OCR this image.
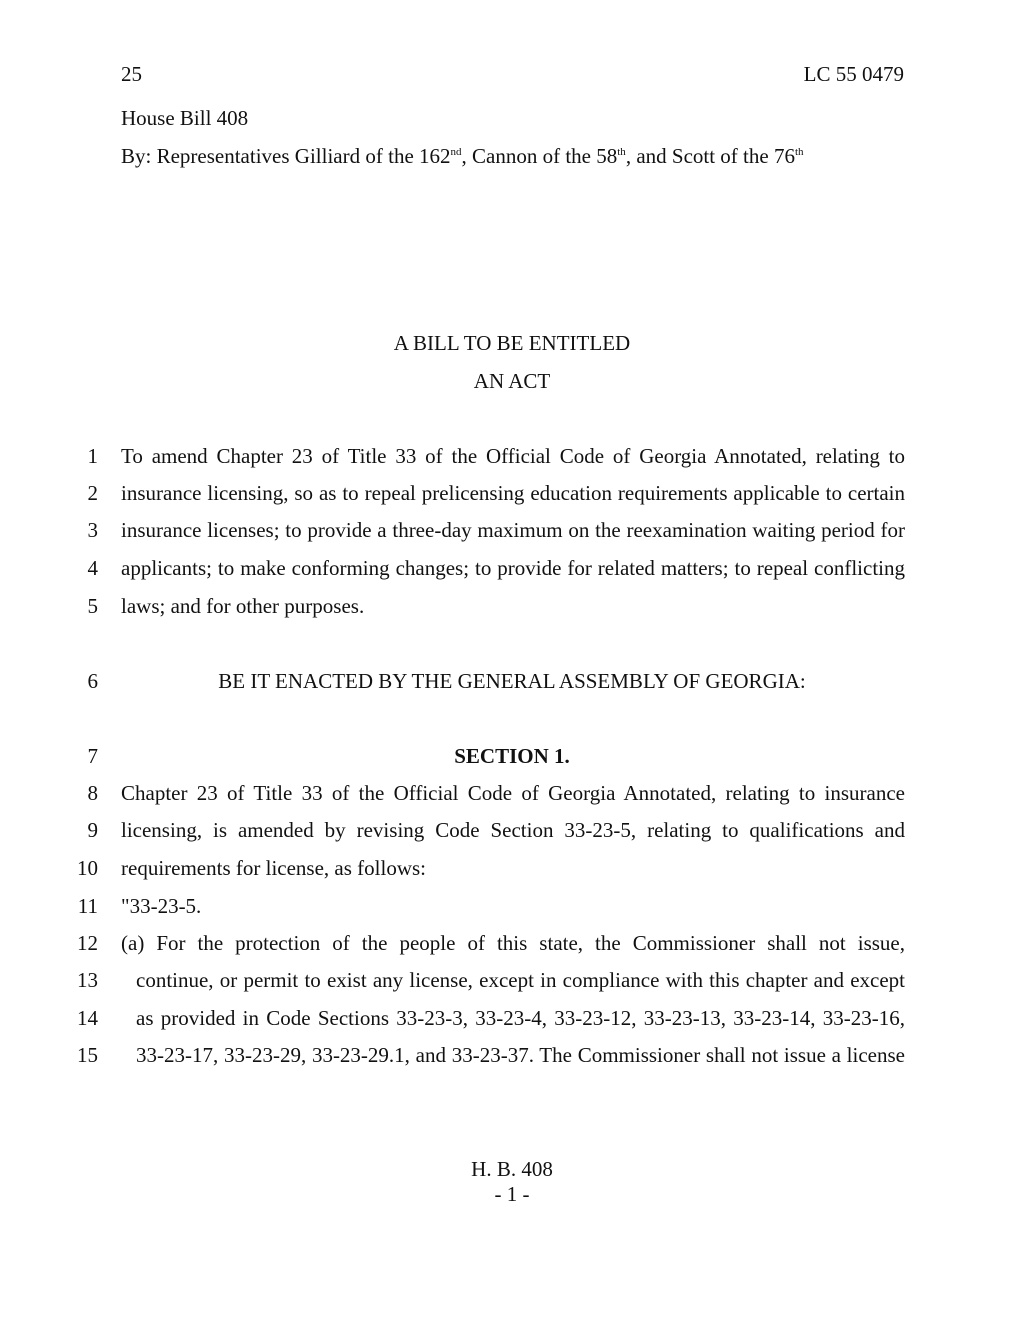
25	LC 55 0479
House Bill 408
By: Representatives Gilliard of the 162nd, Cannon of the 58th, and Scott of the 76th
A BILL TO BE ENTITLED
AN ACT
1 To amend Chapter 23 of Title 33 of the Official Code of Georgia Annotated, relating to
2 insurance licensing, so as to repeal prelicensing education requirements applicable to certain
3 insurance licenses; to provide a three-day maximum on the reexamination waiting period for
4 applicants; to make conforming changes; to provide for related matters; to repeal conflicting
5 laws; and for other purposes.
6	BE IT ENACTED BY THE GENERAL ASSEMBLY OF GEORGIA:
7	SECTION 1.
8 Chapter 23 of Title 33 of the Official Code of Georgia Annotated, relating to insurance
9 licensing, is amended by revising Code Section 33-23-5, relating to qualifications and
10 requirements for license, as follows:
11 "33-23-5.
12 (a) For the protection of the people of this state, the Commissioner shall not issue,
13 continue, or permit to exist any license, except in compliance with this chapter and except
14 as provided in Code Sections 33-23-3, 33-23-4, 33-23-12, 33-23-13, 33-23-14, 33-23-16,
15 33-23-17, 33-23-29, 33-23-29.1, and 33-23-37. The Commissioner shall not issue a license
H. B. 408
- 1 -
